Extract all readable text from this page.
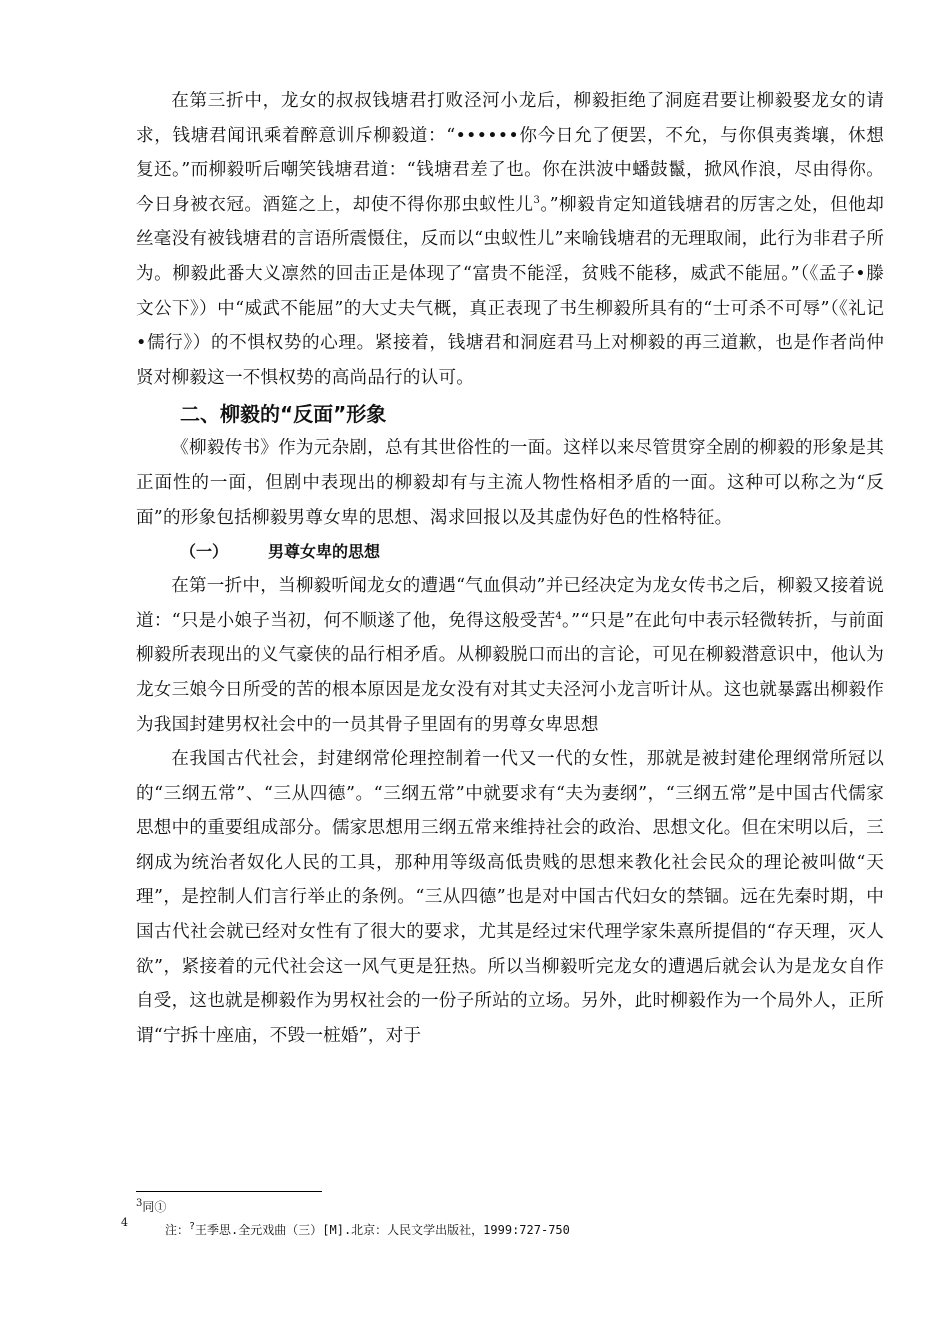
在第三折中，龙女的叔叔钱塘君打败泾河小龙后，柳毅拒绝了洞庭君要让柳毅娶龙女的请求，钱塘君闻讯乘着醉意训斥柳毅道：“••••••你今日允了便罢，不允，与你俱夷粪壤，休想复还。”而柳毅听后嘲笑钱塘君道：“钱塘君差了也。你在洪波中蟠鼓鬣，掀风作浪，尽由得你。今日身被衣冠。酒筵之上，却使不得你那虫蚁性儿$^3$。”柳毅肯定知道钱塘君的厉害之处，但他却丝毫没有被钱塘君的言语所震慑住，反而以“虫蚁性儿”来喻钱塘君的无理取闹，此行为非君子所为。柳毅此番大义凛然的回击正是体现了“富贵不能淫，贫贱不能移，威武不能屈。”（《孟子•滕文公下》）中“威武不能屈”的大丈夫气概，真正表现了书生柳毅所具有的“士可杀不可辱”（《礼记•儒行》）的不惧权势的心理。紧接着，钱塘君和洞庭君马上对柳毅的再三道歉，也是作者尚仲贤对柳毅这一不惧权势的高尚品行的认可。

二、柳毅的“反面”形象

《柳毅传书》作为元杂剧，总有其世俗性的一面。这样以来尽管贯穿全剧的柳毅的形象是其正面性的一面，但剧中表现出的柳毅却有与主流人物性格相矛盾的一面。这种可以称之为“反面”的形象包括柳毅男尊女卑的思想、渴求回报以及其虚伪好色的性格特征。

（一） 男尊女卑的思想

在第一折中，当柳毅听闻龙女的遭遇“气血俱动”并已经决定为龙女传书之后，柳毅又接着说道：“只是小娘子当初，何不顺遂了他，免得这般受苦$^4$。”“只是”在此句中表示轻微转折，与前面柳毅所表现出的义气豪侠的品行相矛盾。从柳毅脱口而出的言论，可见在柳毅潜意识中，他认为龙女三娘今日所受的苦的根本原因是龙女没有对其丈夫泾河小龙言听计从。这也就暴露出柳毅作为我国封建男权社会中的一员其骨子里固有的男尊女卑思想

在我国古代社会，封建纲常伦理控制着一代又一代的女性，那就是被封建伦理纲常所冠以的“三纲五常”、“三从四德”。“三纲五常”中就要求有“夫为妻纲”，“三纲五常”是中国古代儒家思想中的重要组成部分。儒家思想用三纲五常来维持社会的政治、思想文化。但在宋明以后，三纲成为统治者奴化人民的工具，那种用等级高低贵贱的思想来教化社会民众的理论被叫做“天理”，是控制人们言行举止的条例。“三从四德”也是对中国古代妇女的禁锢。远在先秦时期，中国古代社会就已经对女性有了很大的要求，尤其是经过宋代理学家朱熹所提倡的“存天理，灭人欲”，紧接着的元代社会这一风气更是狂热。所以当柳毅听完龙女的遭遇后就会认为是龙女自作自受，这也就是柳毅作为男权社会的一份子所站的立场。另外，此时柳毅作为一个局外人，正所谓“宁拆十座庙，不毁一桩婚”，对于

$^3$同①
4
注：?王季思.全元戏曲（三）[M].北京：人民文学出版社，1999:727-750
